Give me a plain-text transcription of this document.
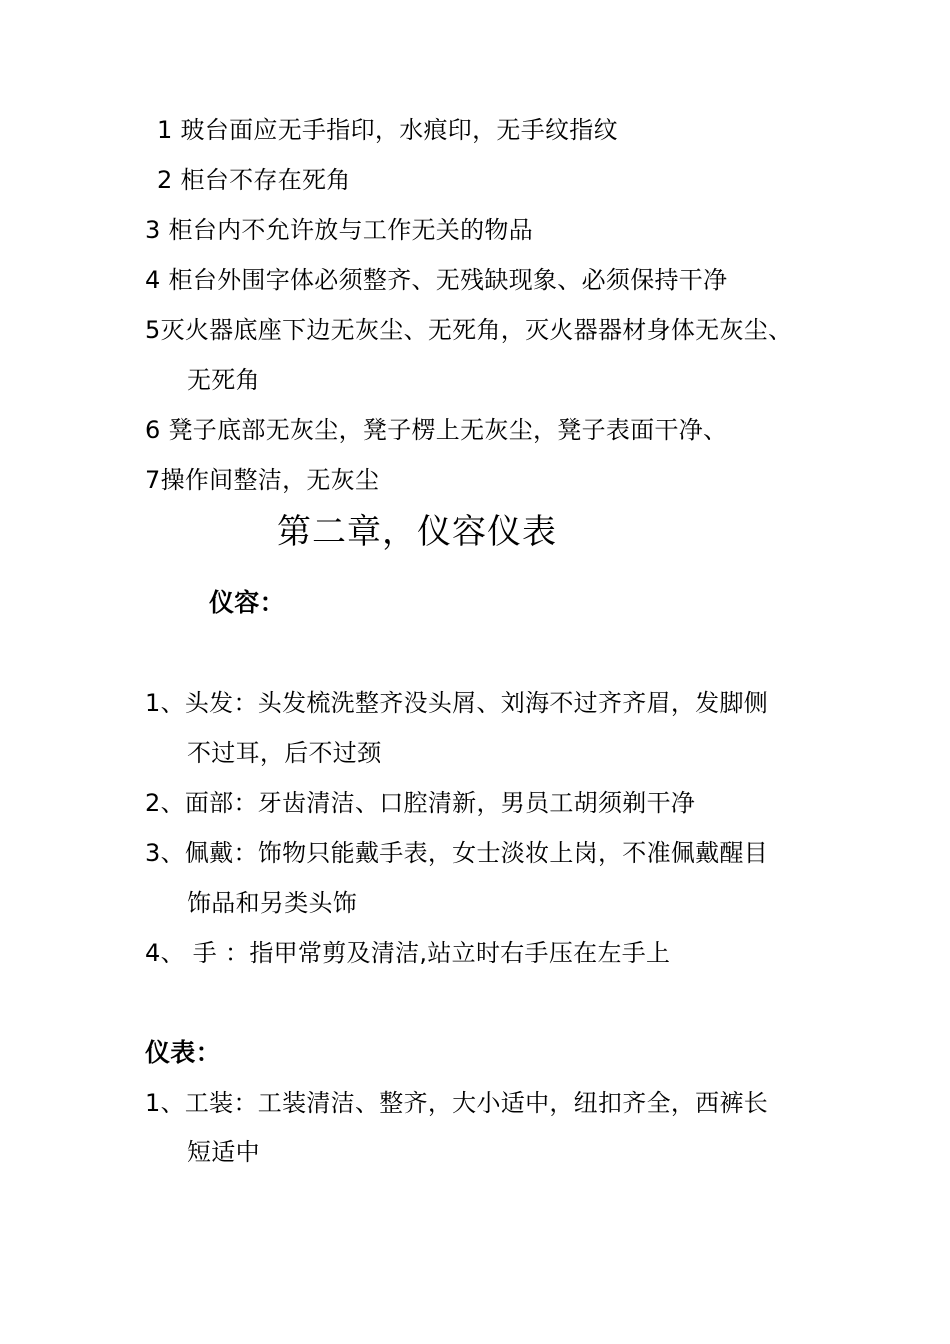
1 玻台面应无手指印，水痕印，无手纹指纹
2 柜台不存在死角
3 柜台内不允许放与工作无关的物品
4 柜台外围字体必须整齐、无残缺现象、必须保持干净
5灭火器底座下边无灰尘、无死角，灭火器器材身体无灰尘、
无死角
6 凳子底部无灰尘，凳子楞上无灰尘，凳子表面干净、
7操作间整洁，无灰尘
第二章，仪容仪表
仪容：
1、头发：头发梳洗整齐没头屑、刘海不过齐齐眉，发脚侧
不过耳，后不过颈
2、面部：牙齿清洁、口腔清新，男员工胡须剃干净
3、佩戴：饰物只能戴手表，女士淡妆上岗，不准佩戴醒目
饰品和另类头饰
4、 手 ：指甲常剪及清洁,站立时右手压在左手上
仪表：
1、工装：工装清洁、整齐，大小适中，纽扣齐全，西裤长
短适中
